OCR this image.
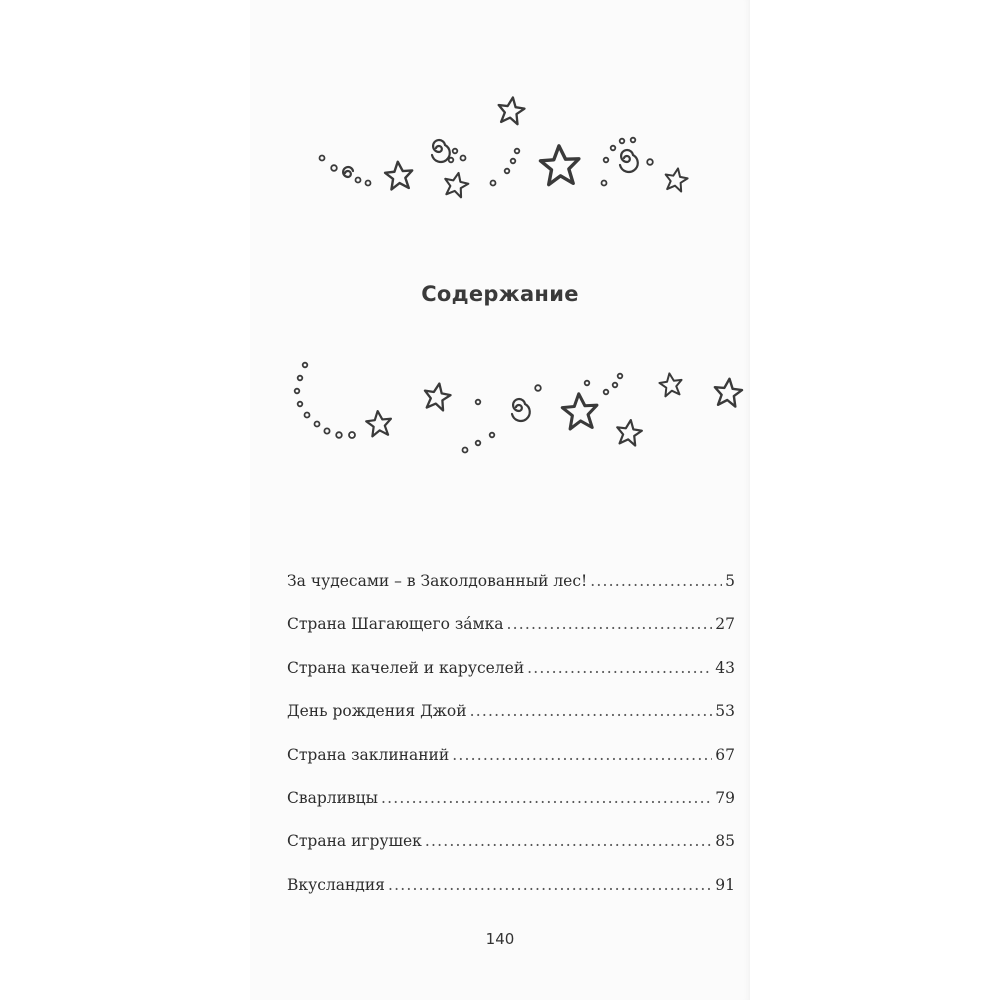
Содержание
За чудесами – в Заколдованный лес! .....	5
Страна Шагающего за́мка .....	27
Страна качелей и каруселей .....	43
День рождения Джой .....	53
Страна заклинаний .....	67
Сварливцы .....	79
Страна игрушек .....	85
Вкусландия .....	91
140
